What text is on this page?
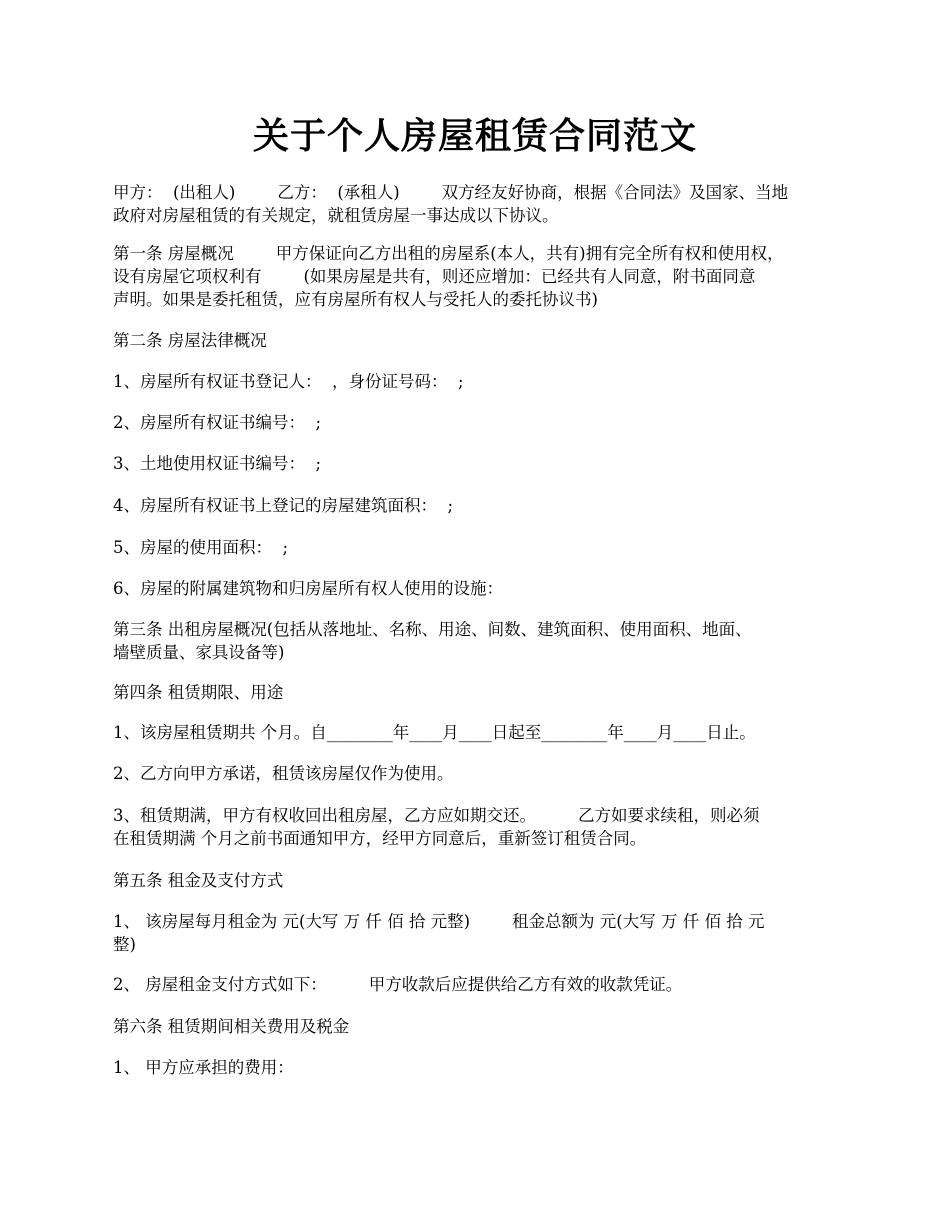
关于个人房屋租赁合同范文
甲方：  (出租人)        乙方：  (承租人)        双方经友好协商，根据《合同法》及国家、当地
政府对房屋租赁的有关规定，就租赁房屋一事达成以下协议。
第一条 房屋概况        甲方保证向乙方出租的房屋系(本人，共有)拥有完全所有权和使用权，
设有房屋它项权利有        (如果房屋是共有，则还应增加：已经共有人同意，附书面同意
声明。如果是委托租赁，应有房屋所有权人与受托人的委托协议书)
第二条 房屋法律概况
1、房屋所有权证书登记人：  ，身份证号码：  ;
2、房屋所有权证书编号：  ;
3、土地使用权证书编号：  ;
4、房屋所有权证书上登记的房屋建筑面积：  ;
5、房屋的使用面积：  ;
6、房屋的附属建筑物和归房屋所有权人使用的设施：
第三条 出租房屋概况(包括从落地址、名称、用途、间数、建筑面积、使用面积、地面、
墙壁质量、家具设备等)
第四条 租赁期限、用途
1、该房屋租赁期共 个月。自________年____月____日起至________年____月____日止。
2、乙方向甲方承诺，租赁该房屋仅作为使用。
3、租赁期满，甲方有权收回出租房屋，乙方应如期交还。        乙方如要求续租，则必须
在租赁期满 个月之前书面通知甲方，经甲方同意后，重新签订租赁合同。
第五条 租金及支付方式
1、 该房屋每月租金为 元(大写 万 仟 佰 拾 元整)        租金总额为 元(大写 万 仟 佰 拾 元
整)
2、 房屋租金支付方式如下：        甲方收款后应提供给乙方有效的收款凭证。
第六条 租赁期间相关费用及税金
1、 甲方应承担的费用：
